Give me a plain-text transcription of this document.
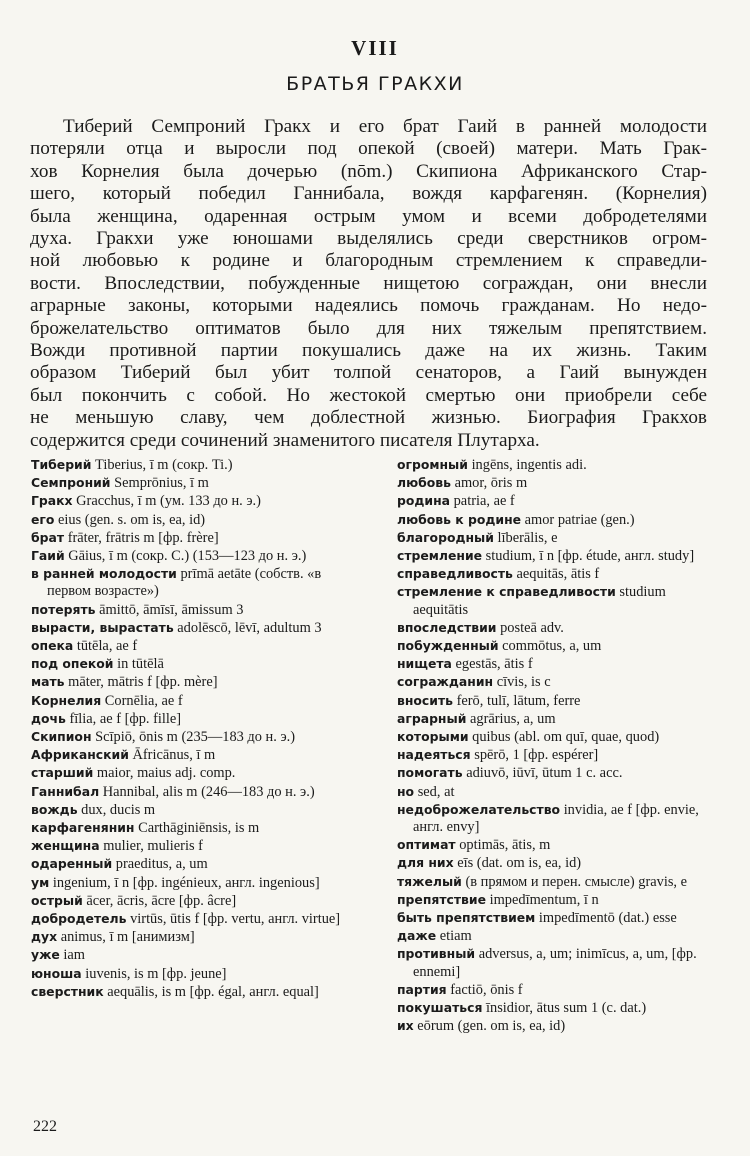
VIII
БРАТЬЯ ГРАКХИ
Тиберий Семпроний Гракх и его брат Гаий в ранней молодости
потеряли отца и выросли под опекой (своей) матери. Мать Грак-
хов Корнелия была дочерью (nōm.) Скипиона Африканского Стар-
шего, который победил Ганнибала, вождя карфагенян. (Корнелия)
была женщина, одаренная острым умом и всеми добродетелями
духа. Гракхи уже юношами выделялись среди сверстников огром-
ной любовью к родине и благородным стремлением к справедли-
вости. Впоследствии, побужденные нищетою сограждан, они внесли
аграрные законы, которыми надеялись помочь гражданам. Но недо-
брожелательство оптиматов было для них тяжелым препятствием.
Вожди противной партии покушались даже на их жизнь. Таким
образом Тиберий был убит толпой сенаторов, а Гаий вынужден
был покончить с собой. Но жестокой смертью они приобрели себе
не меньшую славу, чем доблестной жизнью. Биография Гракхов
содержится среди сочинений знаменитого писателя Плутарха.
Тиберий Tiberius, ī m (сокр. Ti.)
Семпроний Semprōnius, ī m
Гракх Gracchus, ī m (ум. 133 до н. э.)
его eius (gen. s. om is, ea, id)
брат frāter, frātris m [фр. frère]
Гаий Gāius, ī m (сокр. C.) (153—123 до н. э.)
в ранней молодости prīmā aetāte (собств. «в первом возрасте»)
потерять āmittō, āmīsī, āmissum 3
вырасти, вырастать adolēscō, lēvī, adultum 3
опека tūtēla, ae f
под опекой in tūtēlā
мать māter, mātris f [фр. mère]
Корнелия Cornēlia, ae f
дочь fīlia, ae f [фр. fille]
Скипион Scīpiō, ōnis m (235—183 до н. э.)
Африканский Āfricānus, ī m
старший maior, maius adj. comp.
Ганнибал Hannibal, alis m (246—183 до н. э.)
вождь dux, ducis m
карфагенянин Carthāginiēnsis, is m
женщина mulier, mulieris f
одаренный praeditus, a, um
ум ingenium, ī n [фр. ingénieux, англ. ingenious]
острый ācer, ācris, ācre [фр. âcre]
добродетель virtūs, ūtis f [фр. vertu, англ. virtue]
дух animus, ī m [анимизм]
уже iam
юноша iuvenis, is m [фр. jeune]
сверстник aequālis, is m [фр. égal, англ. equal]
огромный ingēns, ingentis adi.
любовь amor, ōris m
родина patria, ae f
любовь к родине amor patriae (gen.)
благородный līberālis, e
стремление studium, ī n [фр. étude, англ. study]
справедливость aequitās, ātis f
стремление к справедливости studium aequitātis
впоследствии posteā adv.
побужденный commōtus, a, um
нищета egestās, ātis f
согражданин cīvis, is c
вносить ferō, tulī, lātum, ferre
аграрный agrārius, a, um
которыми quibus (abl. om quī, quae, quod)
надеяться spērō, 1 [фр. espérer]
помогать adiuvō, iūvī, ūtum 1 c. acc.
но sed, at
недоброжелательство invidia, ae f [фр. envie, англ. envy]
оптимат optimās, ātis, m
для них eīs (dat. om is, ea, id)
тяжелый (в прямом и перен. смысле) gravis, e
препятствие impedīmentum, ī n
быть препятствием impedīmentō (dat.) esse
даже etiam
противный adversus, a, um; inimīcus, a, um, [фр. ennemi]
партия factiō, ōnis f
покушаться īnsidior, ātus sum 1 (c. dat.)
их eōrum (gen. om is, ea, id)
222
